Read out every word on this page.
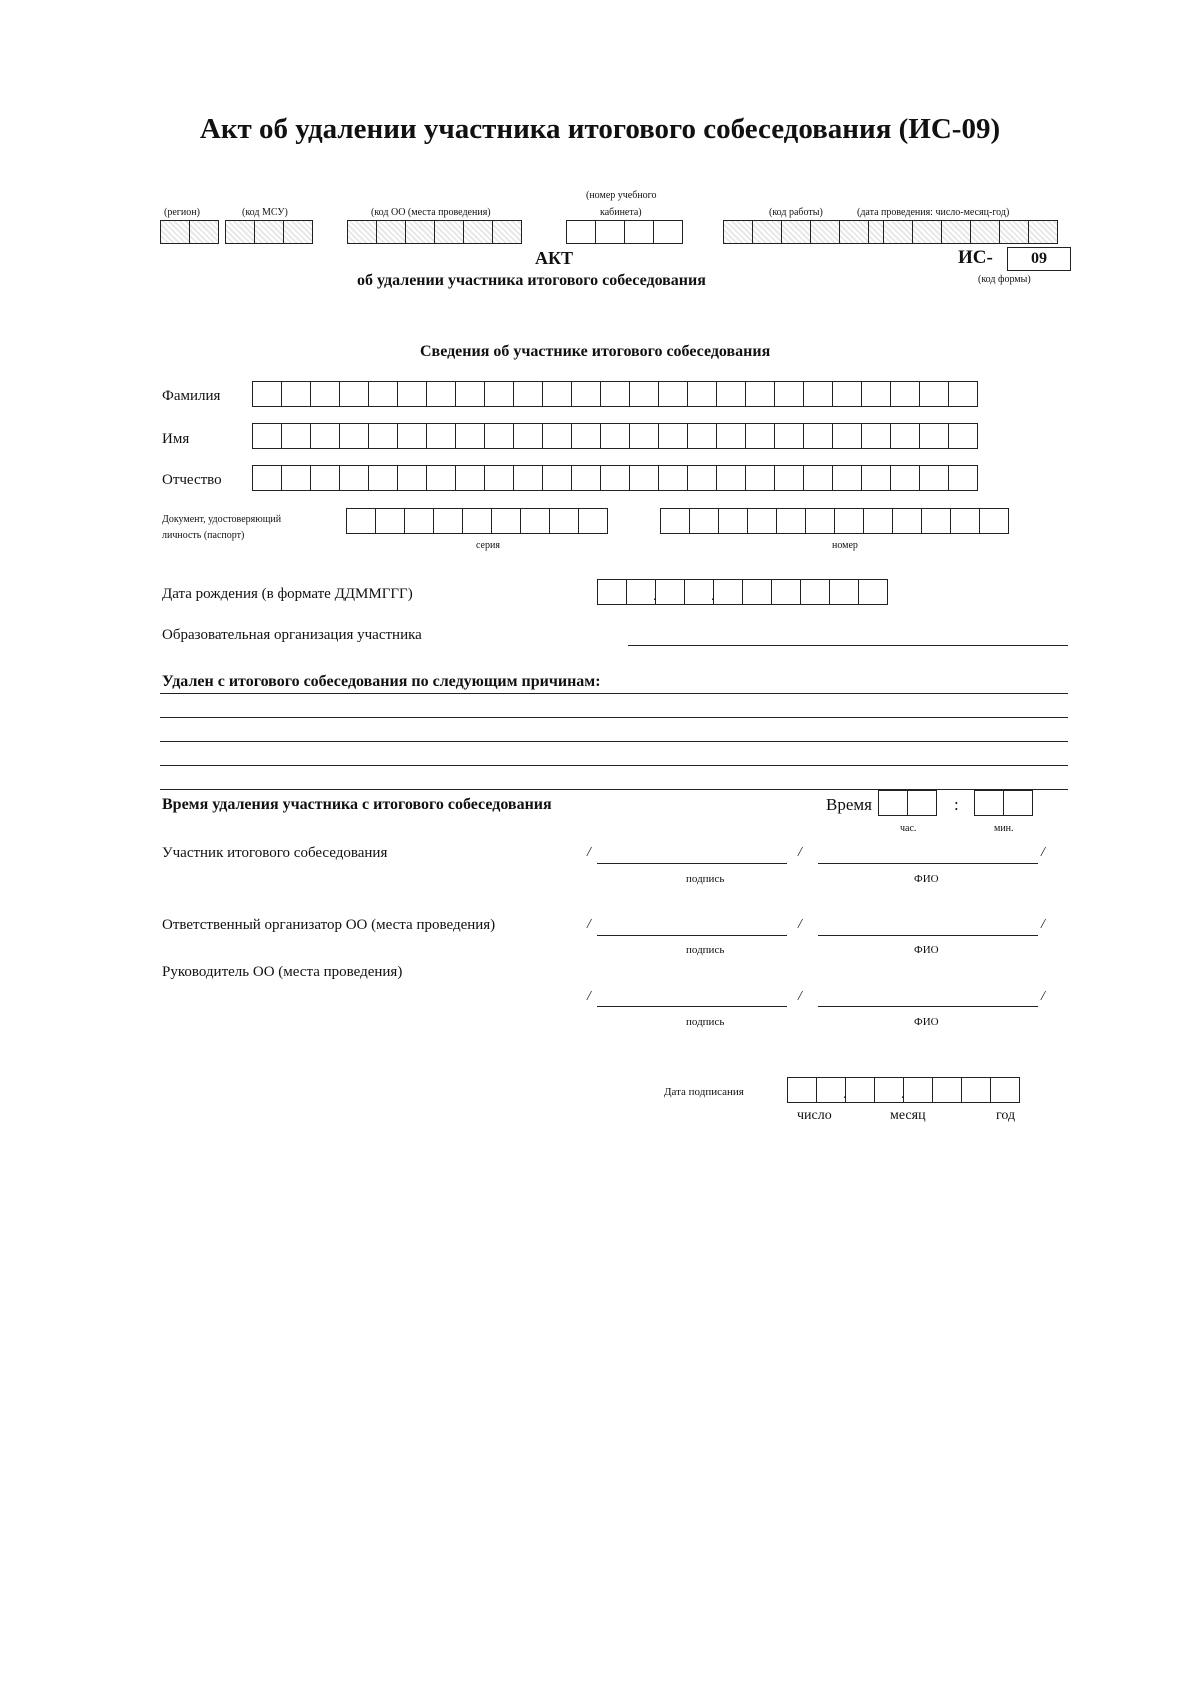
Акт об удалении участника итогового собеседования (ИС-09)
(регион)	(код МСУ)	(код ОО (места проведения)
(номер учебного
кабинета)	(код работы)	(дата проведения: число-месяц-год)
АКТ
об удалении участника итогового собеседования
ИС-	09
(код формы)
Сведения об участнике итогового собеседования
Фамилия
Имя
Отчество
Документ, удостоверяющий
личность (паспорт)
серия	номер
Дата рождения (в формате ДДММГГГ)
.
.
Образовательная организация участника
Удален с итогового собеседования по следующим причинам:
Время удаления участника с итогового собеседования	Время	:
час.	мин.
Участник итогового собеседования	/	/	/
подпись	ФИО
Ответственный организатор ОО (места проведения)	/	/	/
подпись	ФИО
Руководитель ОО (места проведения)
/	/	/
подпись	ФИО
Дата подписания
.
.
число	месяц	год
